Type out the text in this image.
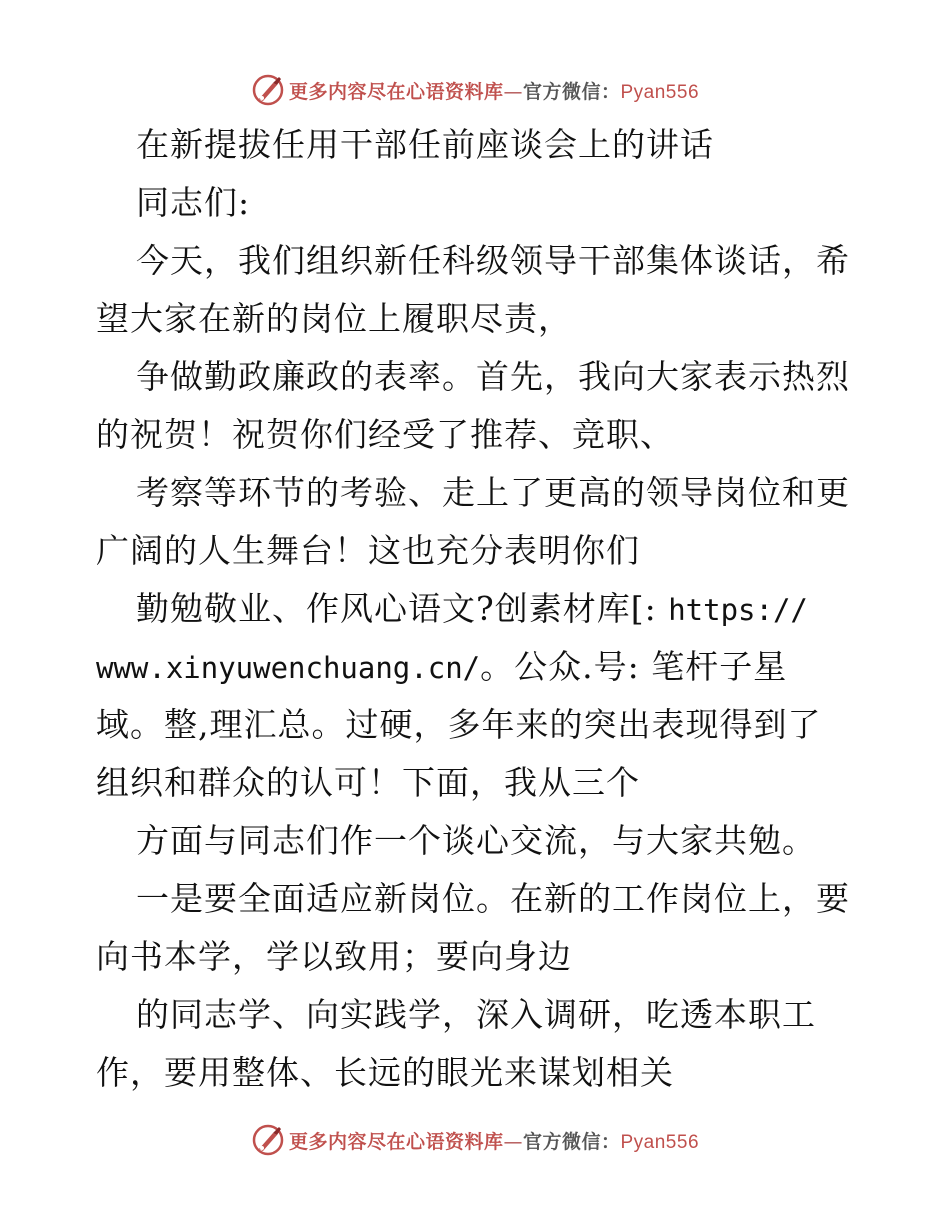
更多内容尽在心语资料库—官方微信：Pyan556
在新提拔任用干部任前座谈会上的讲话
同志们:
今天，我们组织新任科级领导干部集体谈话，希
望大家在新的岗位上履职尽责，
争做勤政廉政的表率。首先，我向大家表示热烈
的祝贺！祝贺你们经受了推荐、竞职、
考察等环节的考验、走上了更高的领导岗位和更
广阔的人生舞台！这也充分表明你们
勤勉敬业、作风心语文?创素材库[: https://
www.xinyuwenchuang.cn/。公众.号: 笔杆子星
域。整,理汇总。过硬，多年来的突出表现得到了
组织和群众的认可！下面，我从三个
方面与同志们作一个谈心交流，与大家共勉。
一是要全面适应新岗位。在新的工作岗位上，要
向书本学，学以致用；要向身边
的同志学、向实践学，深入调研，吃透本职工
作，要用整体、长远的眼光来谋划相关
更多内容尽在心语资料库—官方微信：Pyan556
